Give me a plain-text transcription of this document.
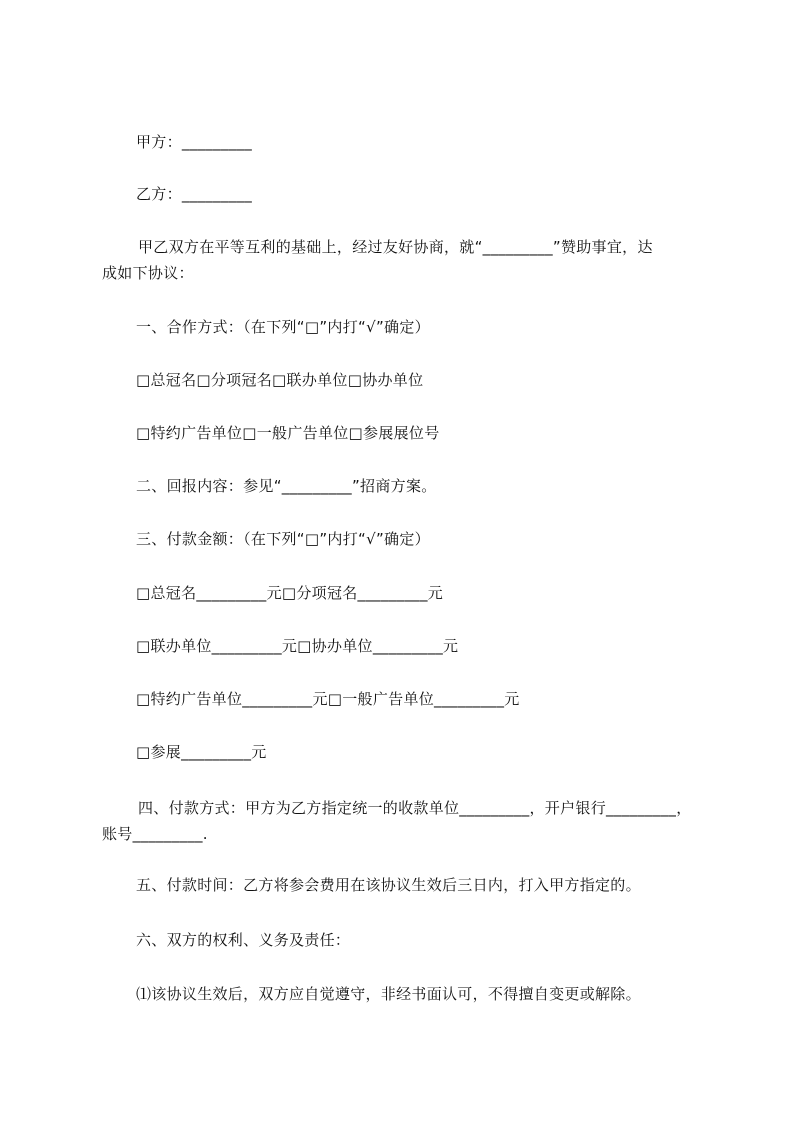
甲方：_________
乙方：_________
甲乙双方在平等互利的基础上，经过友好协商，就“_________”赞助事宜，达
成如下协议：
一、合作方式：（在下列“□”内打“√”确定）
□总冠名□分项冠名□联办单位□协办单位
□特约广告单位□一般广告单位□参展展位号
二、回报内容：参见“_________”招商方案。
三、付款金额：（在下列“□”内打“√”确定）
□总冠名_________元□分项冠名_________元
□联办单位_________元□协办单位_________元
□特约广告单位_________元□一般广告单位_________元
□参展_________元
四、付款方式：甲方为乙方指定统一的收款单位_________，开户银行_________，
账号_________.
五、付款时间：乙方将参会费用在该协议生效后三日内，打入甲方指定的。
六、双方的权利、义务及责任：
⑴该协议生效后，双方应自觉遵守，非经书面认可，不得擅自变更或解除。
